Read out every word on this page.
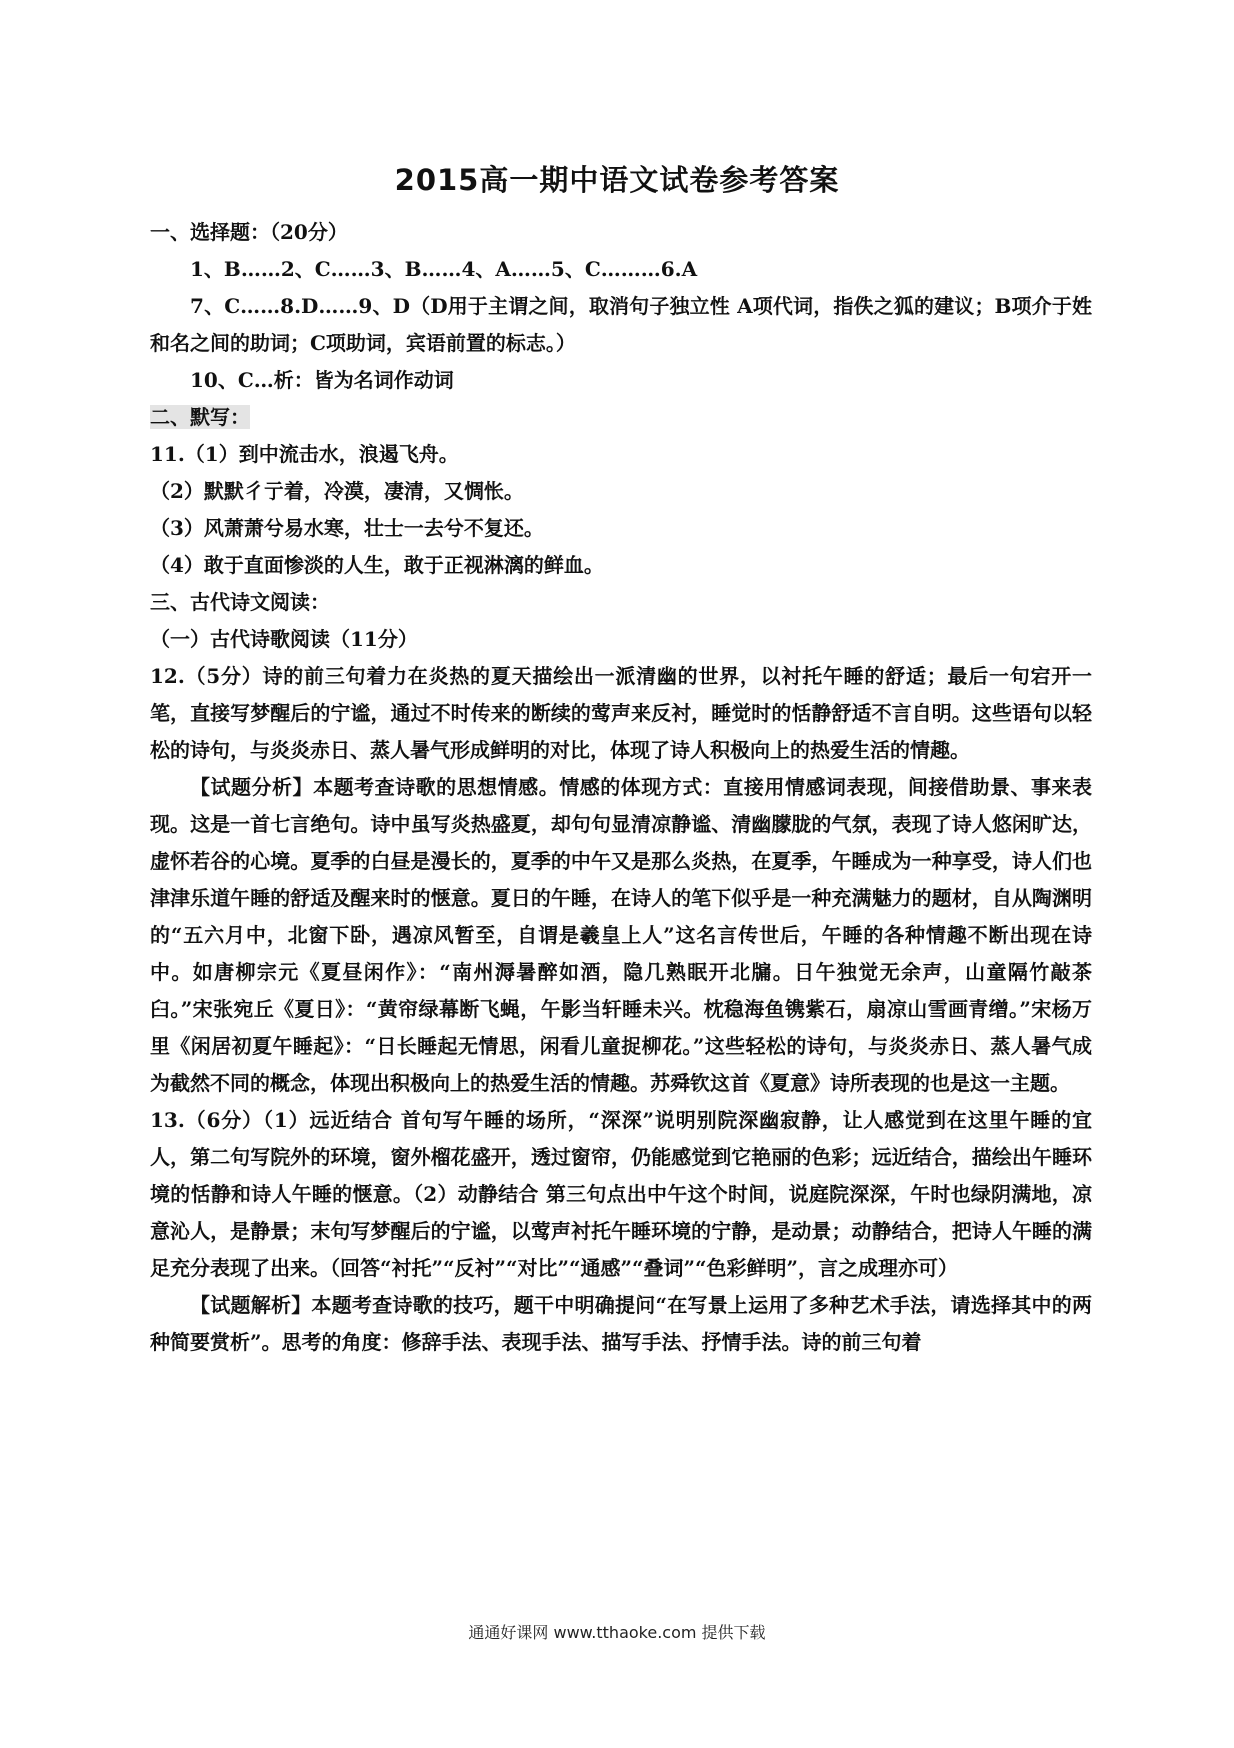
2015高一期中语文试卷参考答案
一、选择题：（20分）
1、B……2、C……3、B……4、A……5、C………6.A

7、C……8.D……9、D（D用于主谓之间，取消句子独立性 A项代词，指佚之狐的建议；B项介于姓和名之间的助词；C项助词，宾语前置的标志。）

10、C…析：皆为名词作动词
二、默写：
11.（1）到中流击水，浪遏飞舟。
（2）默默彳亍着，冷漠，凄清，又惆怅。
（3）风萧萧兮易水寒，壮士一去兮不复还。
（4）敢于直面惨淡的人生，敢于正视淋漓的鲜血。
三、古代诗文阅读：
（一）古代诗歌阅读（11分）

12.（5分）诗的前三句着力在炎热的夏天描绘出一派清幽的世界，以衬托午睡的舒适；最后一句宕开一笔，直接写梦醒后的宁谧，通过不时传来的断续的莺声来反衬，睡觉时的恬静舒适不言自明。这些语句以轻松的诗句，与炎炎赤日、蒸人暑气形成鲜明的对比，体现了诗人积极向上的热爱生活的情趣。

【试题分析】本题考查诗歌的思想情感。情感的体现方式：直接用情感词表现，间接借助景、事来表现。这是一首七言绝句。诗中虽写炎热盛夏，却句句显清凉静谧、清幽朦胧的气氛，表现了诗人悠闲旷达，虚怀若谷的心境。夏季的白昼是漫长的，夏季的中午又是那么炎热，在夏季，午睡成为一种享受，诗人们也津津乐道午睡的舒适及醒来时的惬意。夏日的午睡，在诗人的笔下似乎是一种充满魅力的题材，自从陶渊明的“五六月中，北窗下卧，遇凉风暂至，自谓是羲皇上人”这名言传世后，午睡的各种情趣不断出现在诗中。如唐柳宗元《夏昼闲作》：“南州溽暑醉如酒，隐几熟眠开北牖。日午独觉无余声，山童隔竹敲茶臼。”宋张宛丘《夏日》：“黄帘绿幕断飞蝇，午影当轩睡未兴。枕稳海鱼镌紫石，扇凉山雪画青缯。”宋杨万里《闲居初夏午睡起》：“日长睡起无情思，闲看儿童捉柳花。”这些轻松的诗句，与炎炎赤日、蒸人暑气成为截然不同的概念，体现出积极向上的热爱生活的情趣。苏舜钦这首《夏意》诗所表现的也是这一主题。

13.（6分）（1）远近结合 首句写午睡的场所，“深深”说明别院深幽寂静，让人感觉到在这里午睡的宜人，第二句写院外的环境，窗外榴花盛开，透过窗帘，仍能感觉到它艳丽的色彩；远近结合，描绘出午睡环境的恬静和诗人午睡的惬意。（2）动静结合 第三句点出中午这个时间，说庭院深深，午时也绿阴满地，凉意沁人，是静景；末句写梦醒后的宁谧，以莺声衬托午睡环境的宁静，是动景；动静结合，把诗人午睡的满足充分表现了出来。（回答“衬托”“反衬”“对比”“通感”“叠词”“色彩鲜明”，言之成理亦可）

【试题解析】本题考查诗歌的技巧，题干中明确提问“在写景上运用了多种艺术手法，请选择其中的两种简要赏析”。思考的角度：修辞手法、表现手法、描写手法、抒情手法。诗的前三句着

通通好课网 www.tthaoke.com 提供下载
